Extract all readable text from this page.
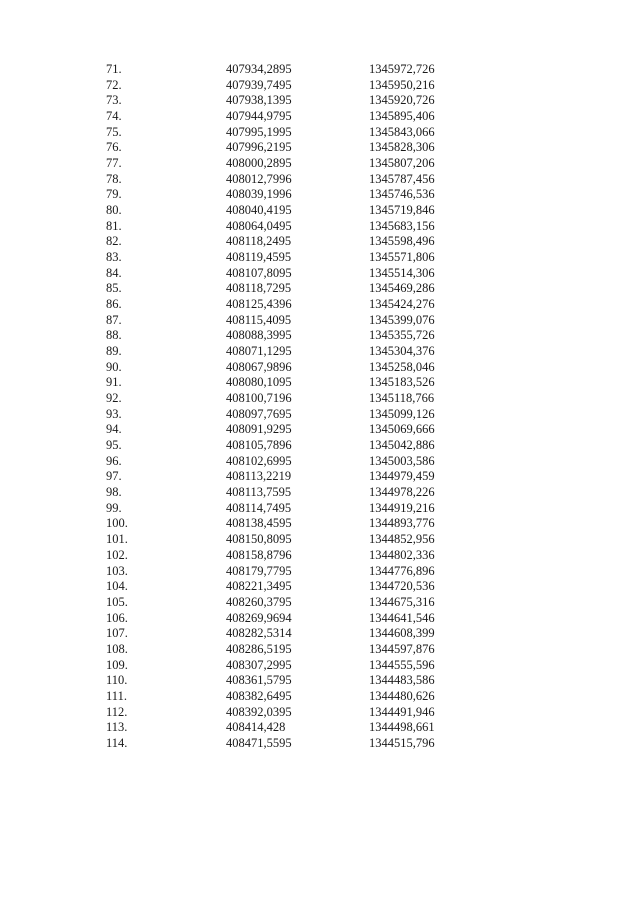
71.	407934,2895	1345972,726
72.	407939,7495	1345950,216
73.	407938,1395	1345920,726
74.	407944,9795	1345895,406
75.	407995,1995	1345843,066
76.	407996,2195	1345828,306
77.	408000,2895	1345807,206
78.	408012,7996	1345787,456
79.	408039,1996	1345746,536
80.	408040,4195	1345719,846
81.	408064,0495	1345683,156
82.	408118,2495	1345598,496
83.	408119,4595	1345571,806
84.	408107,8095	1345514,306
85.	408118,7295	1345469,286
86.	408125,4396	1345424,276
87.	408115,4095	1345399,076
88.	408088,3995	1345355,726
89.	408071,1295	1345304,376
90.	408067,9896	1345258,046
91.	408080,1095	1345183,526
92.	408100,7196	1345118,766
93.	408097,7695	1345099,126
94.	408091,9295	1345069,666
95.	408105,7896	1345042,886
96.	408102,6995	1345003,586
97.	408113,2219	1344979,459
98.	408113,7595	1344978,226
99.	408114,7495	1344919,216
100.	408138,4595	1344893,776
101.	408150,8095	1344852,956
102.	408158,8796	1344802,336
103.	408179,7795	1344776,896
104.	408221,3495	1344720,536
105.	408260,3795	1344675,316
106.	408269,9694	1344641,546
107.	408282,5314	1344608,399
108.	408286,5195	1344597,876
109.	408307,2995	1344555,596
110.	408361,5795	1344483,586
111.	408382,6495	1344480,626
112.	408392,0395	1344491,946
113.	408414,428	1344498,661
114.	408471,5595	1344515,796
